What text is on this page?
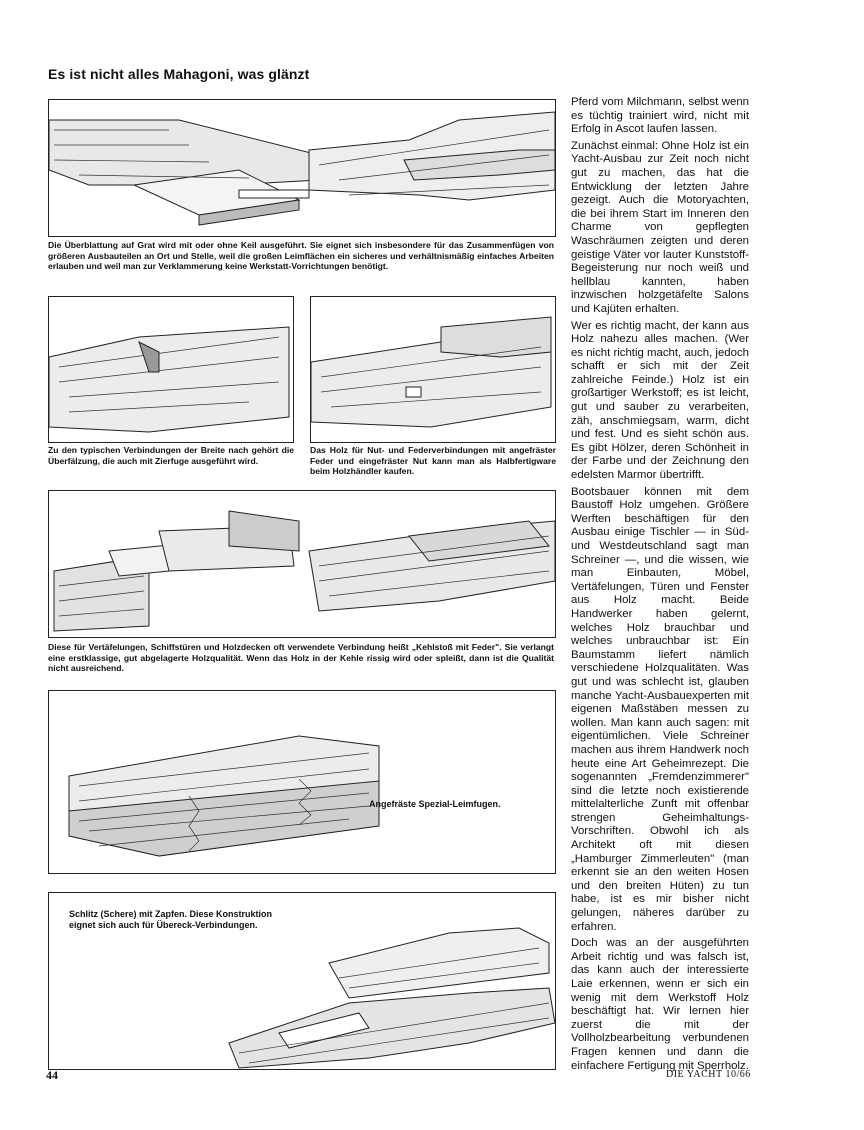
Es ist nicht alles Mahagoni, was glänzt
Die Überblattung auf Grat wird mit oder ohne Keil ausgeführt. Sie eignet sich insbesondere für das Zusammenfügen von größeren Ausbauteilen an Ort und Stelle, weil die großen Leimflächen ein sicheres und verhältnismäßig einfaches Arbeiten erlauben und weil man zur Verklammerung keine Werkstatt-Vorrichtungen benötigt.
Zu den typischen Verbindungen der Breite nach gehört die Überfälzung, die auch mit Zierfuge ausgeführt wird.
Das Holz für Nut- und Federverbindungen mit angefräster Feder und eingefräster Nut kann man als Halbfertigware beim Holzhändler kaufen.
Diese für Vertäfelungen, Schiffstüren und Holzdecken oft verwendete Verbindung heißt „Kehlstoß mit Feder". Sie verlangt eine erstklassige, gut abgelagerte Holzqualität. Wenn das Holz in der Kehle rissig wird oder spleißt, dann ist die Qualität nicht ausreichend.
Angefräste Spezial-Leimfugen.
Schlitz (Schere) mit Zapfen. Diese Konstruktion eignet sich auch für Übereck-Verbindungen.

Pferd vom Milchmann, selbst wenn es tüchtig trainiert wird, nicht mit Erfolg in Ascot laufen lassen.

Zunächst einmal: Ohne Holz ist ein Yacht-Ausbau zur Zeit noch nicht gut zu machen, das hat die Entwicklung der letzten Jahre gezeigt. Auch die Motoryachten, die bei ihrem Start im Inneren den Charme von gepflegten Waschräumen zeigten und deren geistige Väter vor lauter Kunststoff-Begeisterung nur noch weiß und hellblau kannten, haben inzwischen holzgetäfelte Salons und Kajüten erhalten.

Wer es richtig macht, der kann aus Holz nahezu alles machen. (Wer es nicht richtig macht, auch, jedoch schafft er sich mit der Zeit zahlreiche Feinde.) Holz ist ein großartiger Werkstoff; es ist leicht, gut und sauber zu verarbeiten, zäh, anschmiegsam, warm, dicht und fest. Und es sieht schön aus. Es gibt Hölzer, deren Schönheit in der Farbe und der Zeichnung den edelsten Marmor übertrifft.

Bootsbauer können mit dem Baustoff Holz umgehen. Größere Werften beschäftigen für den Ausbau einige Tischler — in Süd- und Westdeutschland sagt man Schreiner —, und die wissen, wie man Einbauten, Möbel, Vertäfelungen, Türen und Fenster aus Holz macht. Beide Handwerker haben gelernt, welches Holz brauchbar und welches unbrauchbar ist: Ein Baumstamm liefert nämlich verschiedene Holzqualitäten. Was gut und was schlecht ist, glauben manche Yacht-Ausbauexperten mit eigenen Maßstäben messen zu wollen. Man kann auch sagen: mit eigentümlichen. Viele Schreiner machen aus ihrem Handwerk noch heute eine Art Geheimrezept. Die sogenannten „Fremdenzimmerer" sind die letzte noch existierende mittelalterliche Zunft mit offenbar strengen Geheimhaltungs-Vorschriften. Obwohl ich als Architekt oft mit diesen „Hamburger Zimmerleuten" (man erkennt sie an den weiten Hosen und den breiten Hüten) zu tun habe, ist es mir bisher nicht gelungen, näheres darüber zu erfahren.

Doch was an der ausgeführten Arbeit richtig und was falsch ist, das kann auch der interessierte Laie erkennen, wenn er sich ein wenig mit dem Werkstoff Holz beschäftigt hat. Wir lernen hier zuerst die mit der Vollholzbearbeitung verbundenen Fragen kennen und dann die einfachere Fertigung mit Sperrholz.

44	DIE YACHT 10/66
